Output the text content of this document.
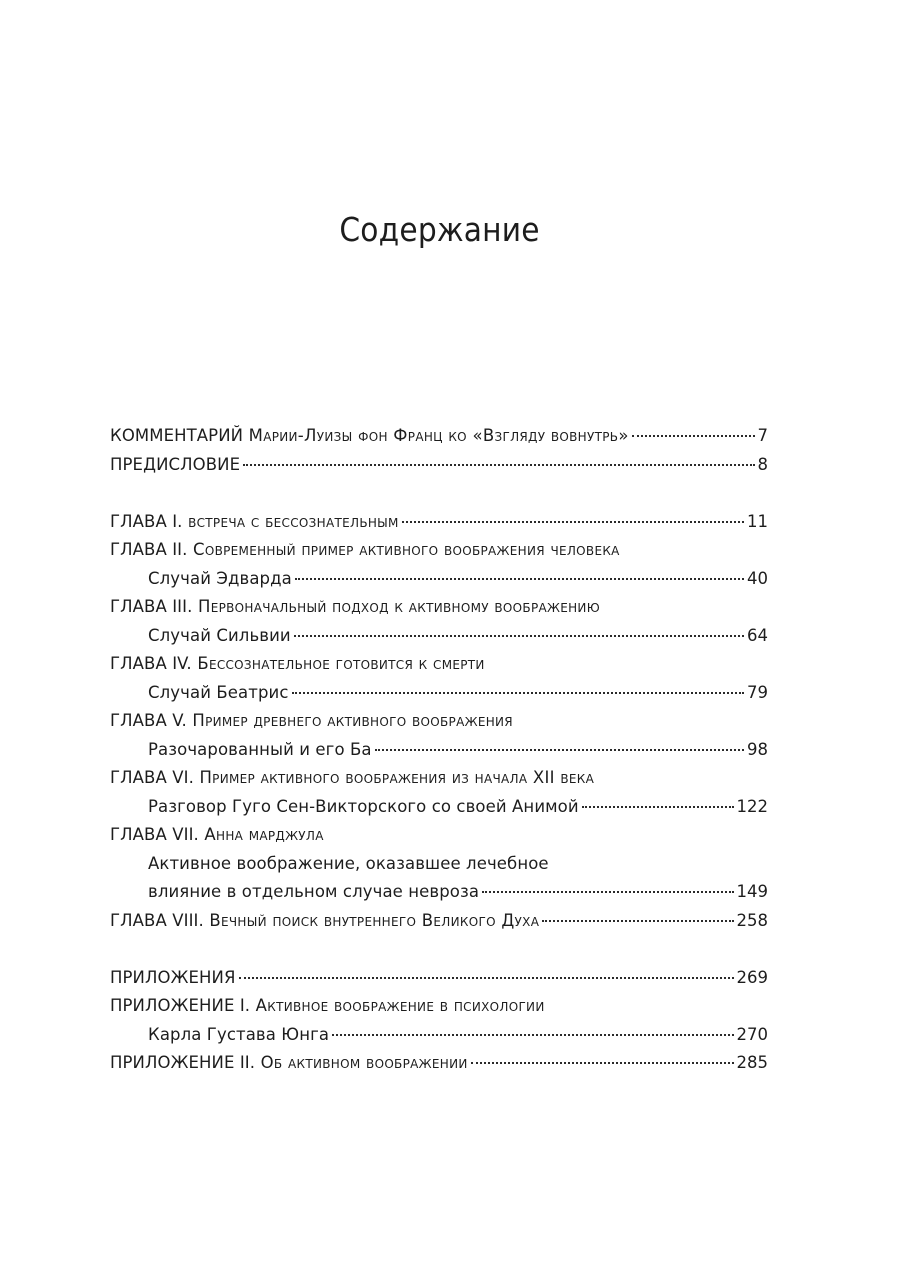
Содержание
КОММЕНТАРИЙ Марии-Луизы фон Франц ко «Взгляду вовнутрь»	7
ПРЕДИСЛОВИЕ	8
ГЛАВА I. встреча с бессознательным	11
ГЛАВА II. Современный пример активного воображения человека
Случай Эдварда	40
ГЛАВА III. Первоначальный подход к активному воображению
Случай Сильвии	64
ГЛАВА IV. Бессознательное готовится к смерти
Случай Беатрис	79
ГЛАВА V. Пример древнего активного воображения
Разочарованный и его Ба	98
ГЛАВА VI. Пример активного воображения из начала XII века
Разговор Гуго Сен-Викторского со своей Анимой	122
ГЛАВА VII. Анна марджула
Активное воображение, оказавшее лечебное
влияние в отдельном случае невроза	149
ГЛАВА VIII. Вечный поиск внутреннего Великого Духа	258
ПРИЛОЖЕНИЯ	269
ПРИЛОЖЕНИЕ I. Активное воображение в психологии
Карла Густава Юнга	270
ПРИЛОЖЕНИЕ II. Об активном воображении	285
